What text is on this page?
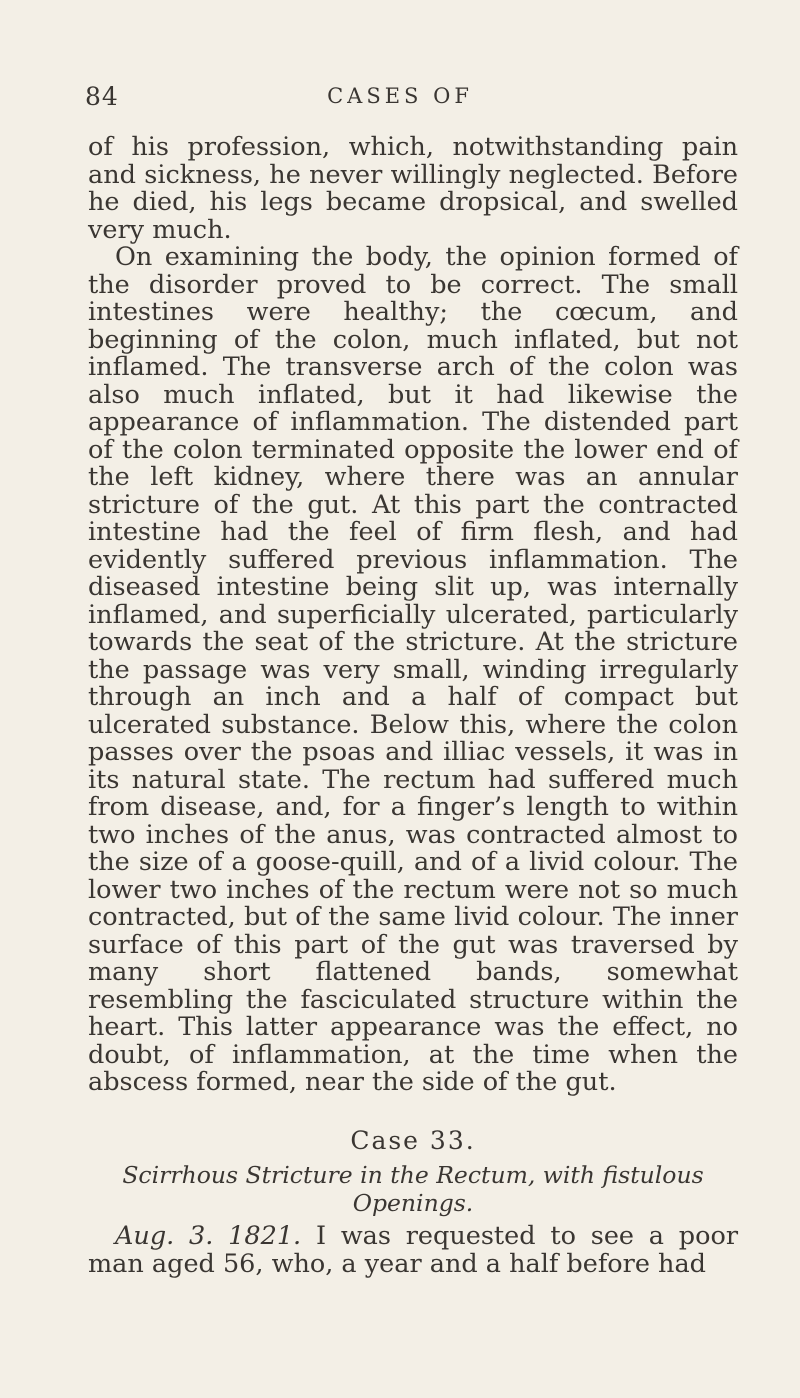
84	CASES OF

of his profession, which, notwithstanding pain and sickness, he never willingly neglected. Before he died, his legs became dropsical, and swelled very much.

On examining the body, the opinion formed of the disorder proved to be correct. The small intestines were healthy; the cœcum, and beginning of the colon, much inflated, but not inflamed. The transverse arch of the colon was also much inflated, but it had likewise the appearance of inflammation. The distended part of the colon terminated opposite the lower end of the left kidney, where there was an annular stricture of the gut. At this part the contracted intestine had the feel of firm flesh, and had evidently suffered previous inflammation. The diseased intestine being slit up, was internally inflamed, and superficially ulcerated, particularly towards the seat of the stricture. At the stricture the passage was very small, winding irregularly through an inch and a half of compact but ulcerated substance. Below this, where the colon passes over the psoas and illiac vessels, it was in its natural state. The rectum had suffered much from disease, and, for a finger’s length to within two inches of the anus, was contracted almost to the size of a goose-quill, and of a livid colour. The lower two inches of the rectum were not so much contracted, but of the same livid colour. The inner surface of this part of the gut was traversed by many short flattened bands, somewhat resembling the fasciculated structure within the heart. This latter appearance was the effect, no doubt, of inflammation, at the time when the abscess formed, near the side of the gut.

Case 33.
Scirrhous Stricture in the Rectum, with fistulous Openings.

Aug. 3. 1821. I was requested to see a poor man aged 56, who, a year and a half before had
